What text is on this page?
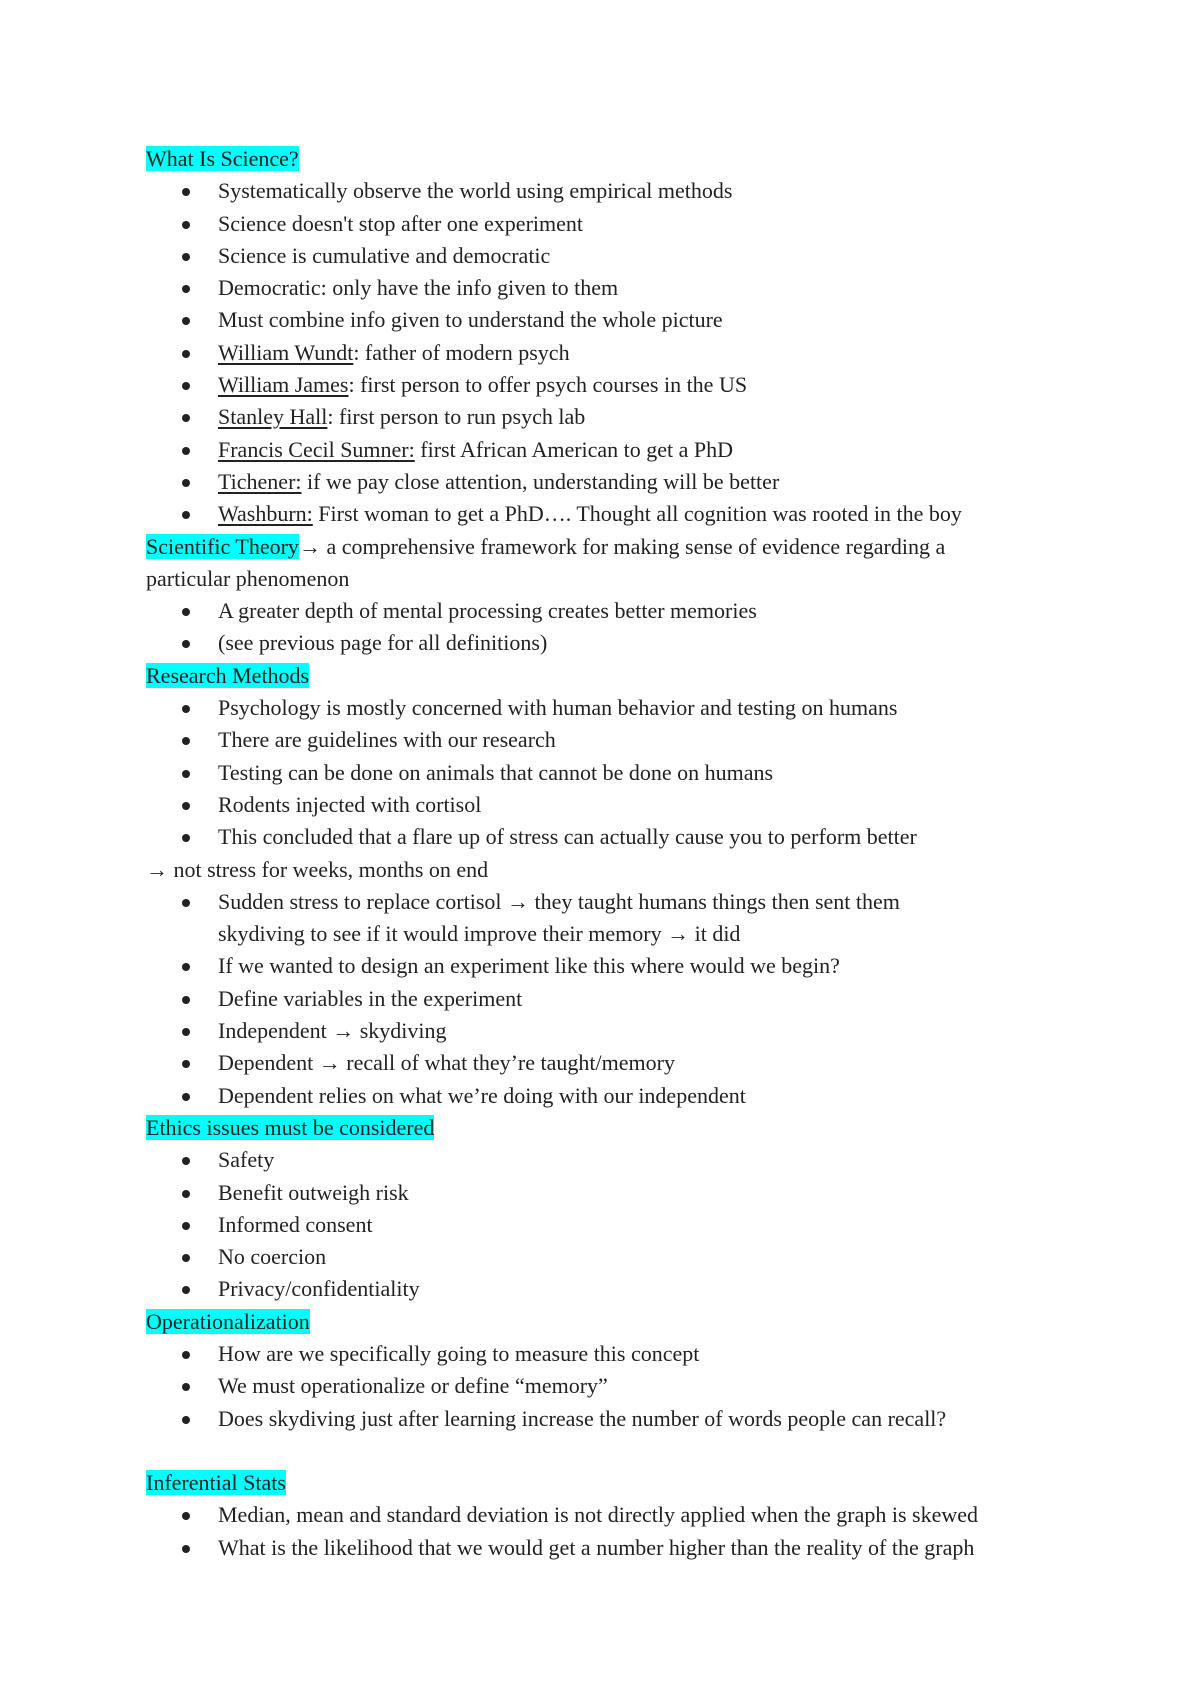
What Is Science?
Systematically observe the world using empirical methods
Science doesn't stop after one experiment
Science is cumulative and democratic
Democratic: only have the info given to them
Must combine info given to understand the whole picture
William Wundt: father of modern psych
William James: first person to offer psych courses in the US
Stanley Hall: first person to run psych lab
Francis Cecil Sumner: first African American to get a PhD
Tichener: if we pay close attention, understanding will be better
Washburn: First woman to get a PhD…. Thought all cognition was rooted in the boy
Scientific Theory→ a comprehensive framework for making sense of evidence regarding a
particular phenomenon
A greater depth of mental processing creates better memories
(see previous page for all definitions)
Research Methods
Psychology is mostly concerned with human behavior and testing on humans
There are guidelines with our research
Testing can be done on animals that cannot be done on humans
Rodents injected with cortisol
This concluded that a flare up of stress can actually cause you to perform better
→ not stress for weeks, months on end
Sudden stress to replace cortisol → they taught humans things then sent them
skydiving to see if it would improve their memory → it did
If we wanted to design an experiment like this where would we begin?
Define variables in the experiment
Independent → skydiving
Dependent → recall of what they’re taught/memory
Dependent relies on what we’re doing with our independent
Ethics issues must be considered
Safety
Benefit outweigh risk
Informed consent
No coercion
Privacy/confidentiality
Operationalization
How are we specifically going to measure this concept
We must operationalize or define “memory”
Does skydiving just after learning increase the number of words people can recall?
Inferential Stats
Median, mean and standard deviation is not directly applied when the graph is skewed
What is the likelihood that we would get a number higher than the reality of the graph
